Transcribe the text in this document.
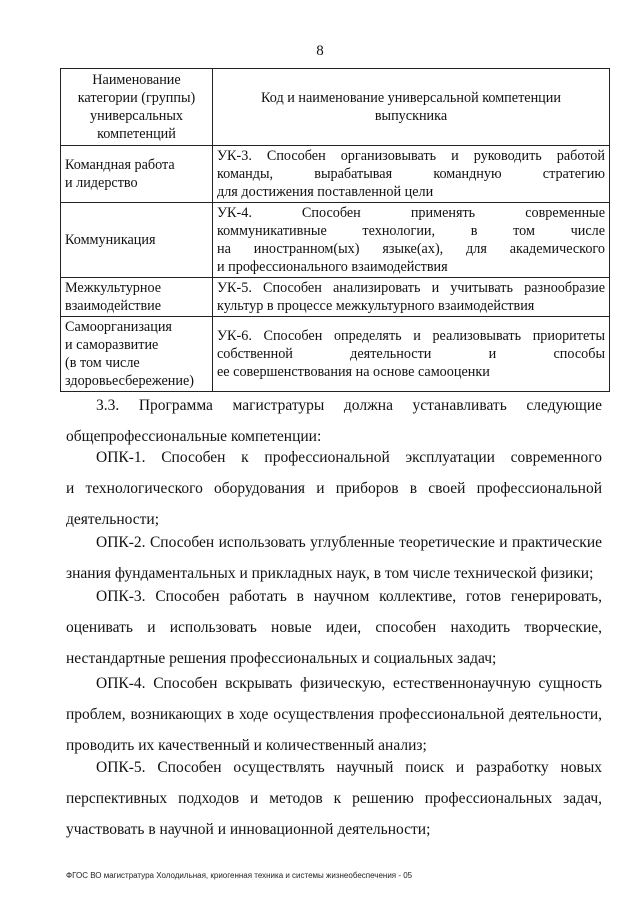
8
Наименование
категории (группы)
универсальных
компетенций	Код и наименование универсальной компетенции
выпускника

Командная работа
и лидерство	УК-3. Способен организовывать и руководить работой
команды, вырабатывая командную стратегию
для достижения поставленной цели

Коммуникация	УК-4. Способен применять современные
коммуникативные технологии, в том числе
на иностранном(ых) языке(ах), для академического
и профессионального взаимодействия

Межкультурное
взаимодействие	УК-5. Способен анализировать и учитывать разнообразие
культур в процессе межкультурного взаимодействия

Самоорганизация
и саморазвитие
(в том числе
здоровьесбережение)	УК-6. Способен определять и реализовывать приоритеты
собственной деятельности и способы
ее совершенствования на основе самооценки
3.3. Программа магистратуры должна устанавливать следующие
общепрофессиональные компетенции:
ОПК-1. Способен к профессиональной эксплуатации современного
и технологического оборудования и приборов в своей профессиональной
деятельности;
ОПК-2. Способен использовать углубленные теоретические и практические
знания фундаментальных и прикладных наук, в том числе технической физики;
ОПК-3. Способен работать в научном коллективе, готов генерировать,
оценивать и использовать новые идеи, способен находить творческие,
нестандартные решения профессиональных и социальных задач;
ОПК-4. Способен вскрывать физическую, естественнонаучную сущность
проблем, возникающих в ходе осуществления профессиональной деятельности,
проводить их качественный и количественный анализ;
ОПК-5. Способен осуществлять научный поиск и разработку новых
перспективных подходов и методов к решению профессиональных задач,
участвовать в научной и инновационной деятельности;
ФГОС ВО магистратура Холодильная, криогенная техника и системы жизнеобеспечения - 05
